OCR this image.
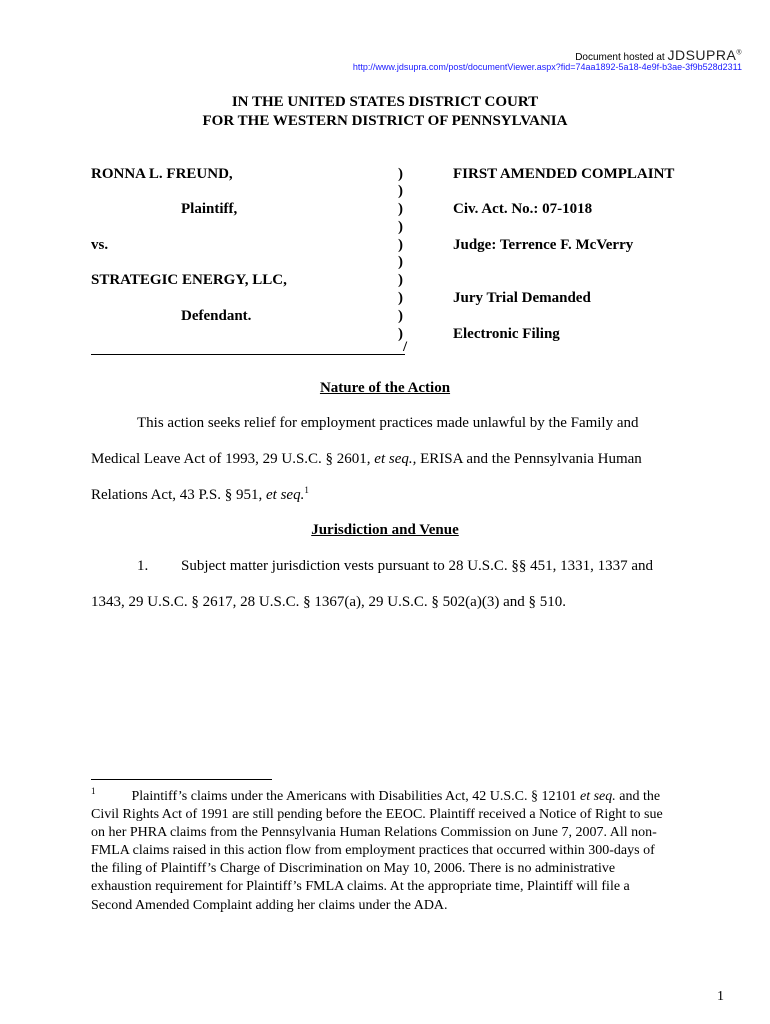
Document hosted at JDSUPRA®
http://www.jdsupra.com/post/documentViewer.aspx?fid=74aa1892-5a18-4e9f-b3ae-3f9b528d2311
IN THE UNITED STATES DISTRICT COURT
FOR THE WESTERN DISTRICT OF PENNSYLVANIA
RONNA L. FREUND,
Plaintiff,
vs.
STRATEGIC ENERGY, LLC,
Defendant.
)
)
)
)
)
)
)
)
)
)
/
FIRST AMENDED COMPLAINT
Civ. Act. No.: 07-1018
Judge: Terrence F. McVerry
Jury Trial Demanded
Electronic Filing
Nature of the Action
This action seeks relief for employment practices made unlawful by the Family and
Medical Leave Act of 1993, 29 U.S.C. § 2601, et seq., ERISA and the Pennsylvania Human
Relations Act, 43 P.S. § 951, et seq.$^1$
Jurisdiction and Venue
1. Subject matter jurisdiction vests pursuant to 28 U.S.C. §§ 451, 1331, 1337 and
1343, 29 U.S.C. § 2617, 28 U.S.C. § 1367(a), 29 U.S.C. § 502(a)(3) and § 510.
$^1$	Plaintiff’s claims under the Americans with Disabilities Act, 42 U.S.C. § 12101 et seq. and the Civil Rights Act of 1991 are still pending before the EEOC. Plaintiff received a Notice of Right to sue on her PHRA claims from the Pennsylvania Human Relations Commission on June 7, 2007. All non-FMLA claims raised in this action flow from employment practices that occurred within 300-days of the filing of Plaintiff’s Charge of Discrimination on May 10, 2006. There is no administrative exhaustion requirement for Plaintiff’s FMLA claims. At the appropriate time, Plaintiff will file a Second Amended Complaint adding her claims under the ADA.
1
